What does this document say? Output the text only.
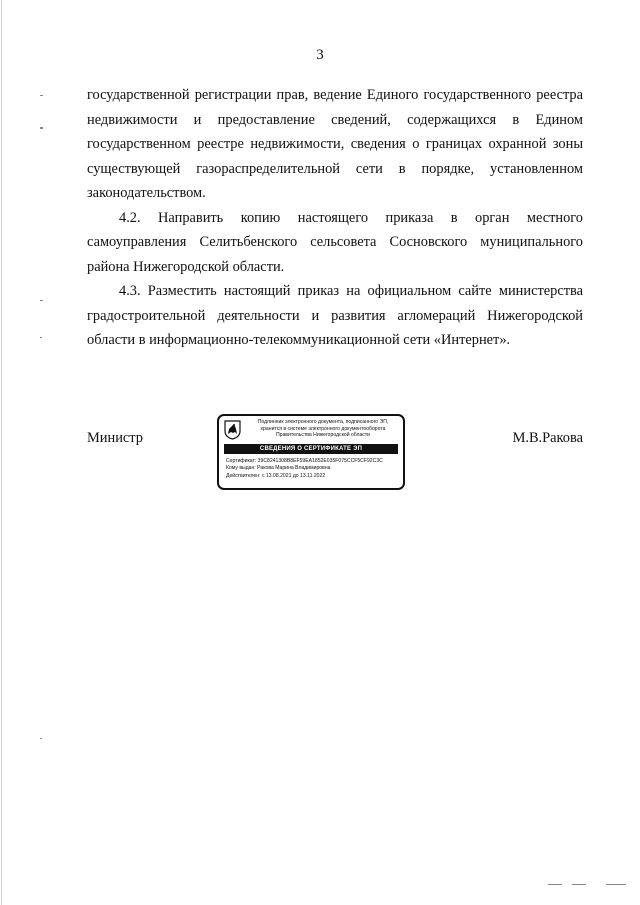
3

государственной регистрации прав, ведение Единого государственного реестра недвижимости и предоставление сведений, содержащихся в Едином государственном реестре недвижимости, сведения о границах охранной зоны существующей газораспределительной сети в порядке, установленном законодательством.

4.2. Направить копию настоящего приказа в орган местного самоуправления Селитьбенского сельсовета Сосновского муниципального района Нижегородской области.

4.3. Разместить настоящий приказ на официальном сайте министерства градостроительной деятельности и развития агломераций Нижегородской области в информационно-телекоммуникационной сети «Интернет».

Министр	М.В.Ракова
Подлинник электронного документа, подписанного ЭП,
хранится в системе электронного документооборота
Правительства Нижегородской области
СВЕДЕНИЯ О СЕРТИФИКАТЕ ЭП
Сертификат: 39C8241308B8EF59EA1852E035F075CCF5CF92C3C
Кому выдан: Ракова Марина Владимировна
Действителен: с 13.08.2021 до 13.11.2022
